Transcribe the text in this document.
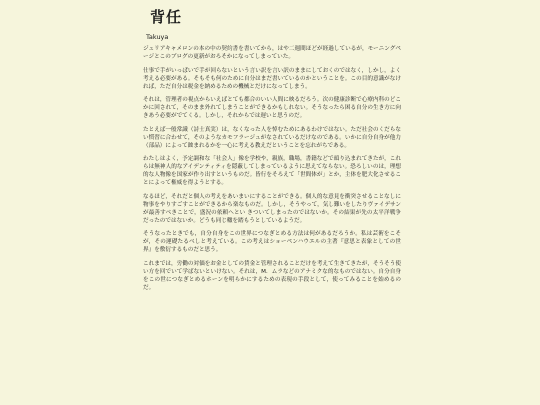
背任
Takuya

ジュリアキャメロンの本の中の契約書を書いてから，はや二週間ほどが経過しているが，モーニングページとこのブログの更新がおろそかになってしまっていた。

仕事で手がいっぱいで手が回らないという言い訳を言い訳のままにしておくのではなく，しかし，よく考える必要がある。そもそも何のために自分はまだ書いているのかということを。この目的意識がなければ，ただ自分は税金を納めるための機械とだけになってしまう。

それは，管理者の視点からいえばとても都合のいい人間に映るだろう。次の健康診断で心療内科のどこかに回されて，そのまま外れてしまうことができるかもしれない。そうなったら困る自分の生き方に向きあう必要がでてくる。しかし，それからでは遅いと思うのだ。

たとえば一般常識（詩士真実）は，なくなった人を悼むためにあるわけではない。ただ社会のくだらない慣習に合わせて，そのようなカモフラージュがなされているだけなのである。いかに自分自身が他力（部品）によって蝕まれるかを一心に考える教えだということを忘れがちである。

わたしはよく，予定調和な「社会人」像を学校や，親族，職場，書籍などで頭り込まれてきたが，これらは無神人的なアイデンティティを隠蔽してしまっているように思えてならない。恐ろしいのは，理想的な人物像を国家が作り出すというものだ。皆行をそろえて「世間体が」とか，主体を肥大化させることによって権威を得ようとする。

なるほど，それだと個人の考えをあいまいにすることができる。個人的な意見を衝突させることなしに物事をやりすごすことができるから楽なものだ。しかし，そうやって，気し難いをしたりヴァイデサンが最善すべきことで，盛況の依頼へとい きついてしまったのではないか。その結果が先の太平洋戦争だったのではないか。どうも同じ轍を踏もうとしているようだ。

そうなったときでも，自分自身をこの世界につなぎとめる方法は何があるだろうか。私は芸術をこそが，その運礎たるべしと考えている。この考えはショーペンハウエルの主著『意思と表象としての世界』を敷衍するものだと思う。

これまでは，労働の対価をお金としての賃金と管理されることだけを考えて生きてきたが，そうそう使い方を回でいて学ばないといけない。それは，M．ムラなどのアナミクな的なものではない。自分自身をこの世につなぎとめるホーンを明らかにするための表現の手段として，使ってみることを始めるのだ。
